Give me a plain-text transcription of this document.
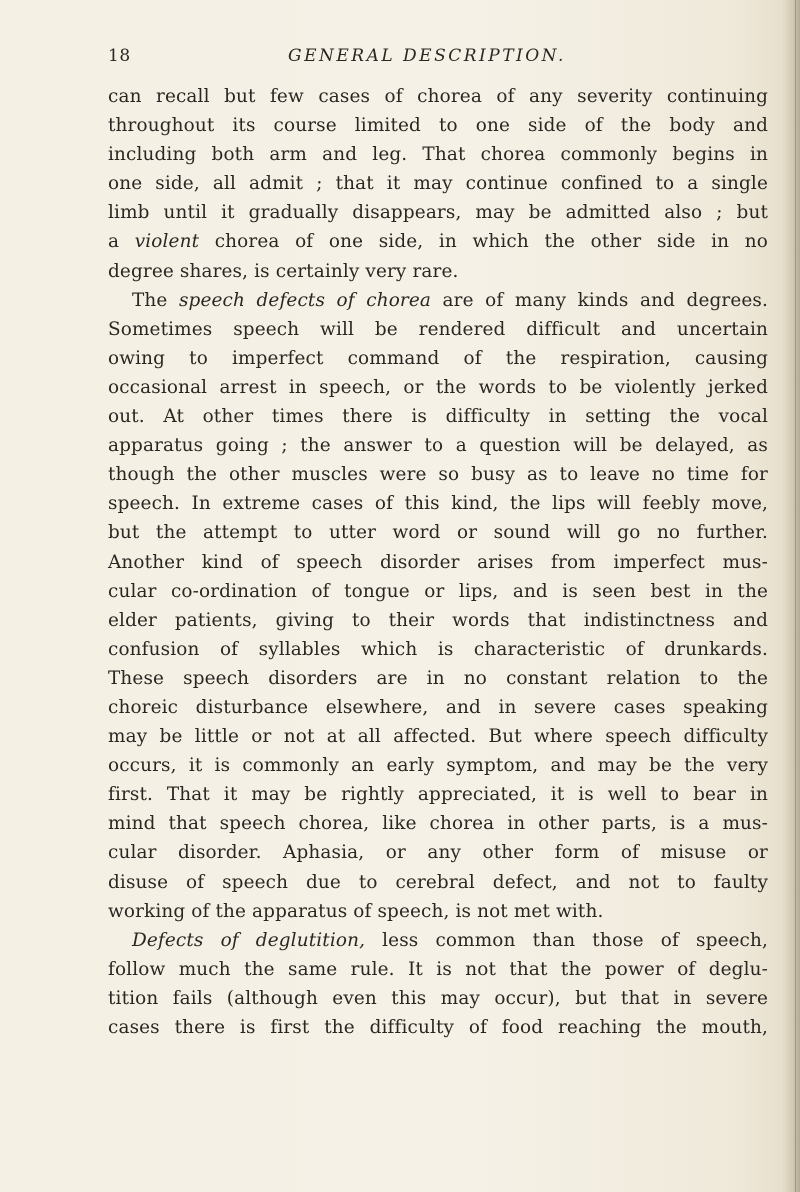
18	GENERAL DESCRIPTION.
can recall but few cases of chorea of any severity continuing
throughout its course limited to one side of the body and
including both arm and leg. That chorea commonly begins in
one side, all admit ; that it may continue confined to a single
limb until it gradually disappears, may be admitted also ; but
a violent chorea of one side, in which the other side in no
degree shares, is certainly very rare.
The speech defects of chorea are of many kinds and degrees.
Sometimes speech will be rendered difficult and uncertain
owing to imperfect command of the respiration, causing
occasional arrest in speech, or the words to be violently jerked
out. At other times there is difficulty in setting the vocal
apparatus going ; the answer to a question will be delayed, as
though the other muscles were so busy as to leave no time for
speech. In extreme cases of this kind, the lips will feebly move,
but the attempt to utter word or sound will go no further.
Another kind of speech disorder arises from imperfect mus-
cular co-ordination of tongue or lips, and is seen best in the
elder patients, giving to their words that indistinctness and
confusion of syllables which is characteristic of drunkards.
These speech disorders are in no constant relation to the
choreic disturbance elsewhere, and in severe cases speaking
may be little or not at all affected. But where speech difficulty
occurs, it is commonly an early symptom, and may be the very
first. That it may be rightly appreciated, it is well to bear in
mind that speech chorea, like chorea in other parts, is a mus-
cular disorder. Aphasia, or any other form of misuse or
disuse of speech due to cerebral defect, and not to faulty
working of the apparatus of speech, is not met with.
Defects of deglutition, less common than those of speech,
follow much the same rule. It is not that the power of deglu-
tition fails (although even this may occur), but that in severe
cases there is first the difficulty of food reaching the mouth,
